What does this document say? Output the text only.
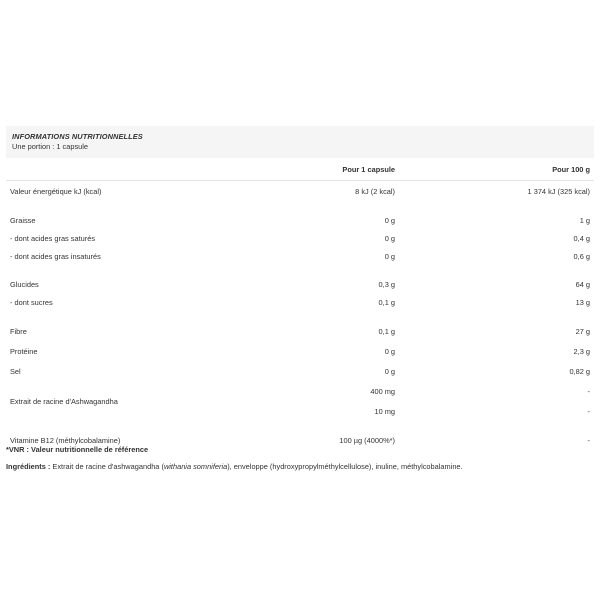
INFORMATIONS NUTRITIONNELLES
Une portion : 1 capsule
	Pour 1 capsule		Pour 100 g
Valeur énergétique kJ (kcal)	8 kJ (2 kcal)		1 374 kJ (325 kcal)

Graisse	0 g		1 g
- dont acides gras saturés	0 g		0,4 g
- dont acides gras insaturés	0 g		0,6 g

Glucides	0,3 g		64 g
- dont sucres	0,1 g		13 g

Fibre	0,1 g		27 g
Protéine	0 g		2,3 g
Sel	0 g		0,82 g
Extrait de racine d'Ashwagandha	400 mg		-
	10 mg		-

Vitamine B12 (méthylcobalamine)	100 µg (4000%*)		-
*VNR : Valeur nutritionnelle de référence
Ingrédients : Extrait de racine d'ashwagandha (withania somniferia), enveloppe (hydroxypropylméthylcellulose), inuline, méthylcobalamine.
